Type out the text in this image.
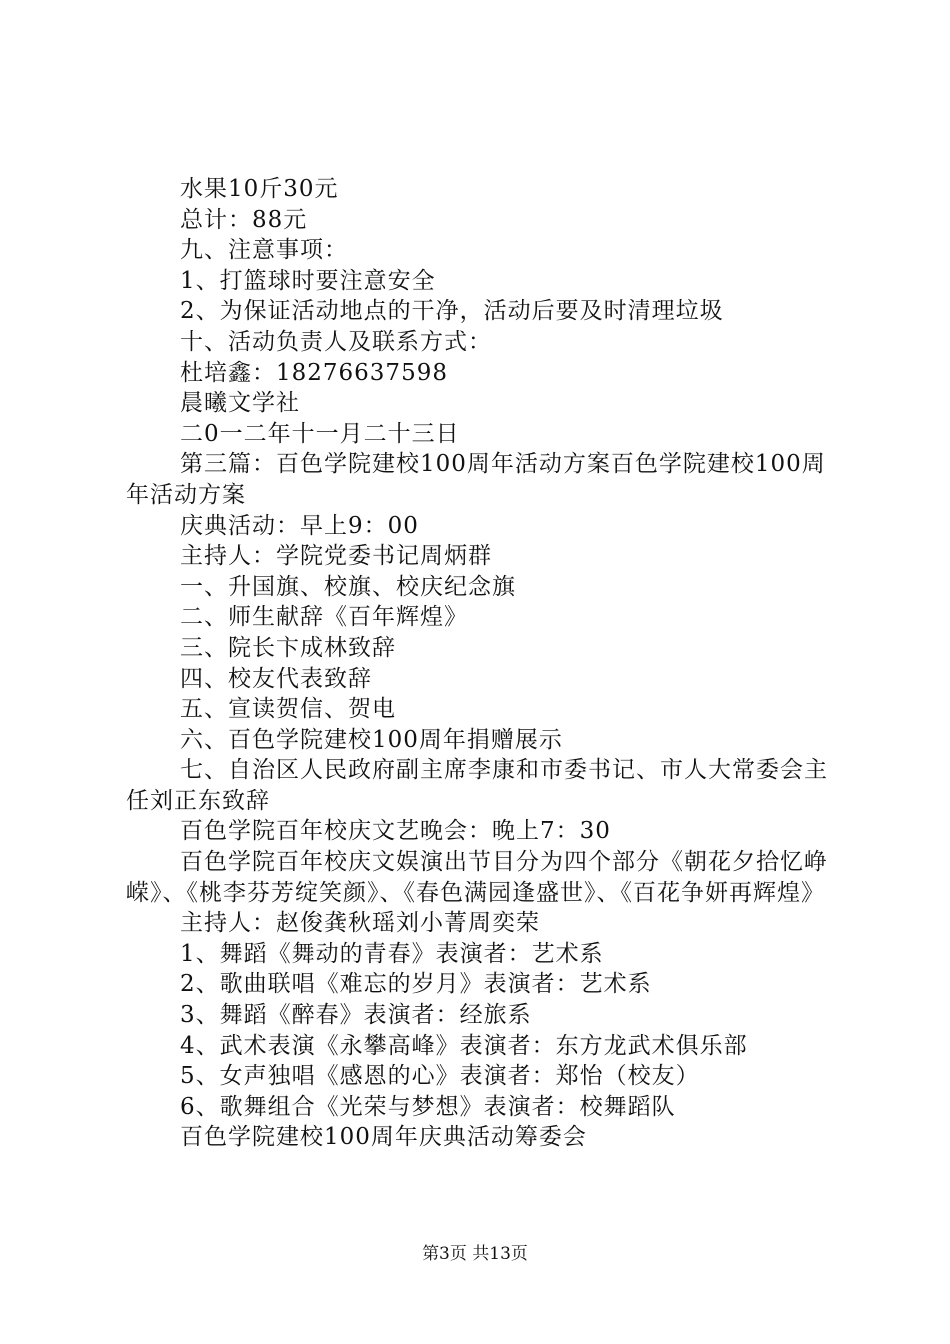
水果10斤30元

总计：88元

九、注意事项：

1、打篮球时要注意安全

2、为保证活动地点的干净，活动后要及时清理垃圾

十、活动负责人及联系方式：

杜培鑫：18276637598

晨曦文学社

二0一二年十一月二十三日

第三篇：百色学院建校100周年活动方案百色学院建校100周年活动方案

庆典活动：早上9：00

主持人：学院党委书记周炳群

一、升国旗、校旗、校庆纪念旗

二、师生献辞《百年辉煌》

三、院长卞成林致辞

四、校友代表致辞

五、宣读贺信、贺电

六、百色学院建校100周年捐赠展示

七、自治区人民政府副主席李康和市委书记、市人大常委会主任刘正东致辞

百色学院百年校庆文艺晚会：晚上7：30

百色学院百年校庆文娱演出节目分为四个部分《朝花夕拾忆峥嵘》、《桃李芬芳绽笑颜》、《春色满园逢盛世》、《百花争妍再辉煌》

主持人：赵俊龚秋瑶刘小菁周奕荣

1、舞蹈《舞动的青春》表演者：艺术系

2、歌曲联唱《难忘的岁月》表演者：艺术系

3、舞蹈《醉春》表演者：经旅系

4、武术表演《永攀高峰》表演者：东方龙武术俱乐部

5、女声独唱《感恩的心》表演者：郑怡（校友）

6、歌舞组合《光荣与梦想》表演者：校舞蹈队

百色学院建校100周年庆典活动筹委会

第3页 共13页
